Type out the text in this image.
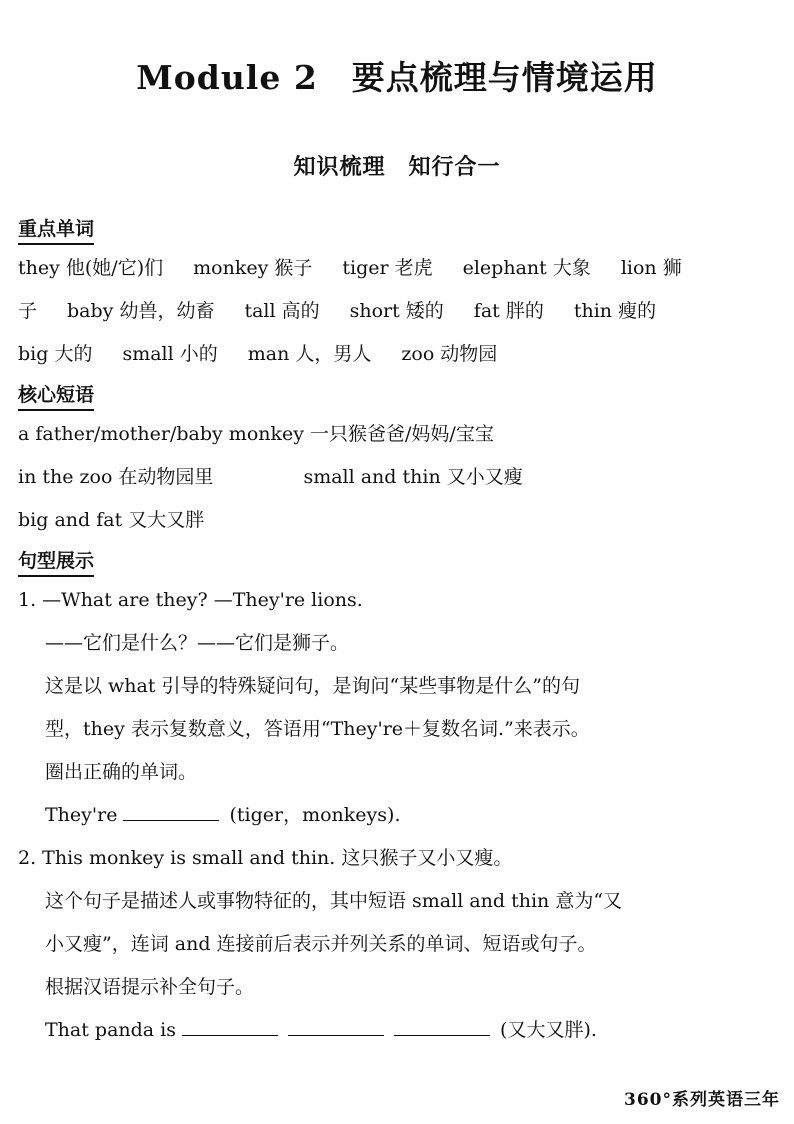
Module 2　要点梳理与情境运用
知识梳理　知行合一
重点单词
they 他(她/它)们 monkey 猴子 tiger 老虎 elephant 大象 lion 狮
子 baby 幼兽，幼畜 tall 高的 short 矮的 fat 胖的 thin 瘦的
big 大的 small 小的 man 人，男人 zoo 动物园
核心短语
a father/mother/baby monkey 一只猴爸爸/妈妈/宝宝
in the zoo 在动物园里	small and thin 又小又瘦
big and fat 又大又胖
句型展示
1. —What are they? —They're lions.
——它们是什么？——它们是狮子。
这是以 what 引导的特殊疑问句，是询问“某些事物是什么”的句
型，they 表示复数意义，答语用“They're＋复数名词.”来表示。
圈出正确的单词。
They're	(tiger，monkeys).
2. This monkey is small and thin. 这只猴子又小又瘦。
这个句子是描述人或事物特征的，其中短语 small and thin 意为“又
小又瘦”，连词 and 连接前后表示并列关系的单词、短语或句子。
根据汉语提示补全句子。
That panda is	(又大又胖).
360°系列英语三年
